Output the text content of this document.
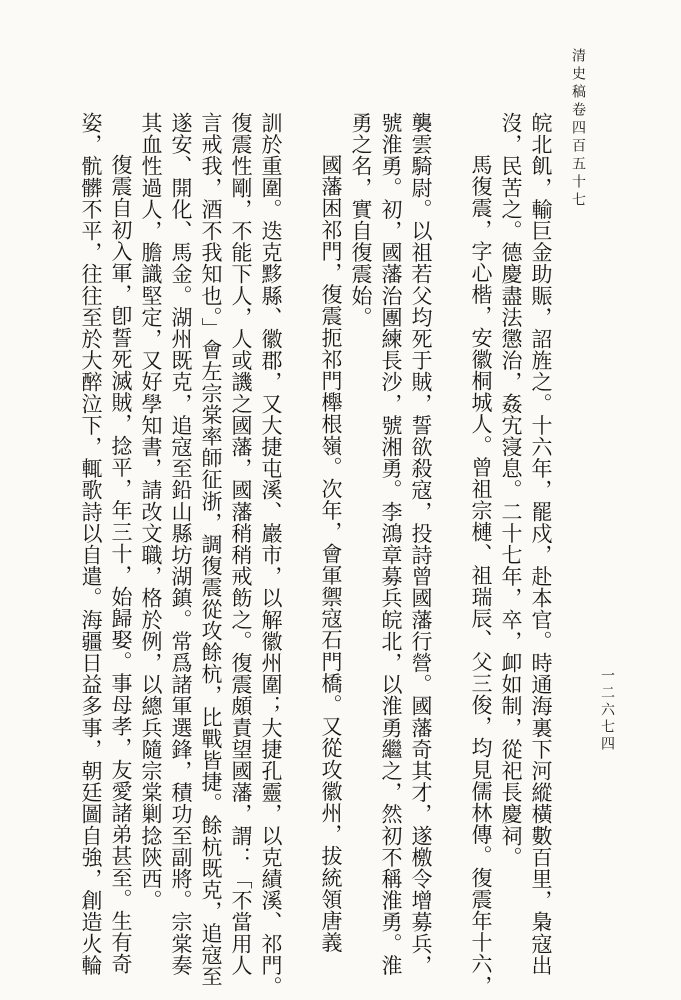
清史稿卷四百五十七

皖北飢，輸巨金助賑，詔旌之。十六年，罷戍，赴本官。時通海裏下河縱橫數百里，梟寇出

沒，民苦之。德慶盡法懲治，姦宄寖息。二十七年，卒，卹如制，從祀長慶祠。

馬復震，字心楷，安徽桐城人。曾祖宗槤、祖瑞辰、父三俊，均見儒林傳。復震年十六，

襲雲騎尉。以祖若父均死于賊，誓欲殺寇，投詩曾國藩行營。國藩奇其才，遂檄令增募兵，

號淮勇。初，國藩治團練長沙，號湘勇。李鴻章募兵皖北，以淮勇繼之，然初不稱淮勇。淮

勇之名，實自復震始。

國藩困祁門，復震扼祁門櫸根嶺。次年，會軍禦寇石門橋。又從攻徽州，拔統領唐義

訓於重圍。迭克黟縣、徽郡，又大捷屯溪、巖市，以解徽州圍；大捷孔靈，以克績溪、祁門。

復震性剛，不能下人，人或譏之國藩，國藩稍稍戒飭之。復震頗責望國藩，謂：「不當用人

言戒我，酒不我知也。」會左宗棠率師征浙，調復震從攻餘杭，比戰皆捷。餘杭既克，追寇至

遂安、開化、馬金。湖州既克，追寇至鉛山縣坊湖鎮。常爲諸軍選鋒，積功至副將。宗棠奏

其血性過人，膽識堅定，又好學知書，請改文職，格於例，以總兵隨宗棠剿捻陝西。

復震自初入軍，卽誓死滅賊，捻平，年三十，始歸娶。事母孝，友愛諸弟甚至。生有奇

姿，骯髒不平，往往至於大醉泣下，輒歌詩以自遣。海疆日益多事，朝廷圖自強，創造火輪	一二六七四
